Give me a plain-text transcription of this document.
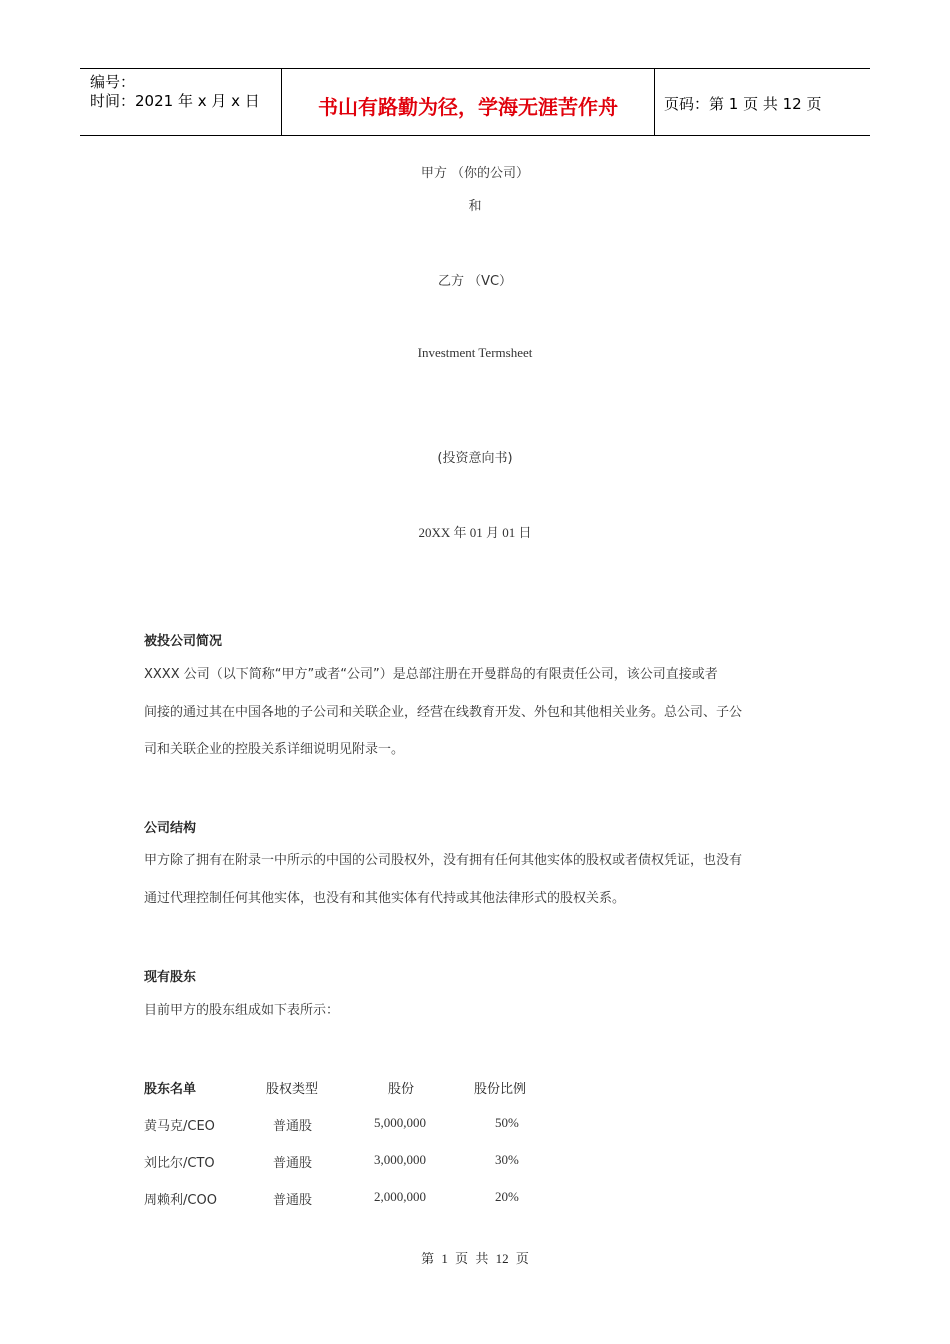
编号：
时间：2021 年 x 月 x 日	书山有路勤为径，学海无涯苦作舟	页码：第 1 页 共 12 页
甲方 （你的公司）
和
乙方 （VC）
Investment Termsheet
(投资意向书)
20XX 年 01 月 01 日
被投公司简况
XXXX 公司（以下简称“甲方”或者“公司”）是总部注册在开曼群岛的有限责任公司，该公司直接或者
间接的通过其在中国各地的子公司和关联企业，经营在线教育开发、外包和其他相关业务。总公司、子公
司和关联企业的控股关系详细说明见附录一。
公司结构
甲方除了拥有在附录一中所示的中国的公司股权外，没有拥有任何其他实体的股权或者债权凭证，也没有
通过代理控制任何其他实体，也没有和其他实体有代持或其他法律形式的股权关系。
现有股东
目前甲方的股东组成如下表所示：
股东名单	股权类型	股份	股份比例
黄马克/CEO	普通股	5,000,000	50%
刘比尔/CTO	普通股	3,000,000	30%
周赖利/COO	普通股	2,000,000	20%
第 1 页 共 12 页
